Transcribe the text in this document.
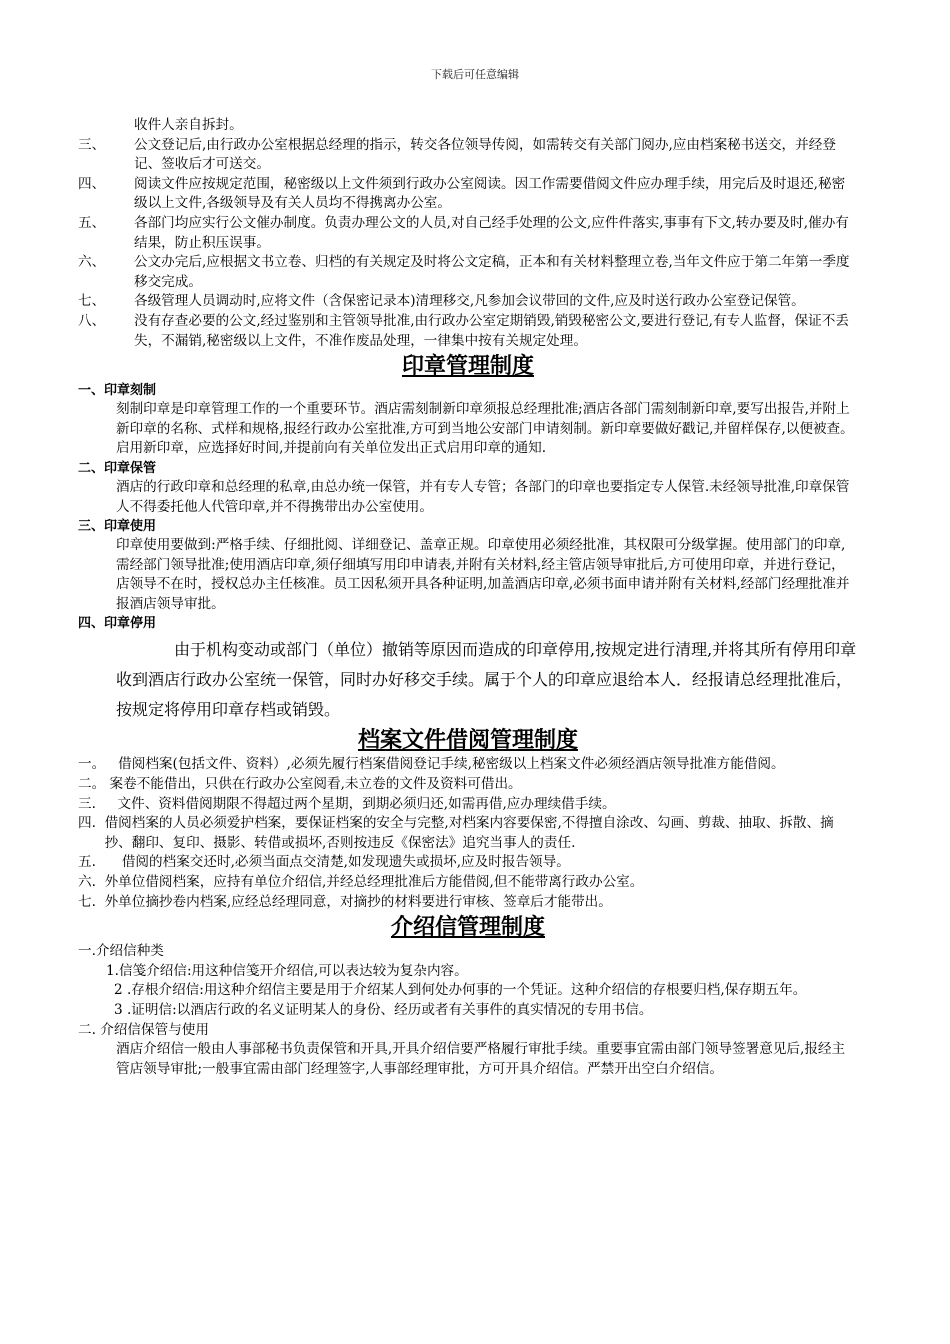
下载后可任意编辑
收件人亲自拆封。
三、	公文登记后,由行政办公室根据总经理的指示，转交各位领导传阅，如需转交有关部门阅办,应由档案秘书送交，并经登记、签收后才可送交。
四、	阅读文件应按规定范围，秘密级以上文件须到行政办公室阅读。因工作需要借阅文件应办理手续，用完后及时退还,秘密级以上文件,各级领导及有关人员均不得携离办公室。
五、	各部门均应实行公文催办制度。负责办理公文的人员,对自己经手处理的公文,应件件落实,事事有下文,转办要及时,催办有结果，防止积压误事。
六、	公文办完后,应根据文书立卷、归档的有关规定及时将公文定稿，正本和有关材料整理立卷,当年文件应于第二年第一季度移交完成。
七、	各级管理人员调动时,应将文件（含保密记录本)清理移交,凡参加会议带回的文件,应及时送行政办公室登记保管。
八、	没有存查必要的公文,经过鉴别和主管领导批准,由行政办公室定期销毁,销毁秘密公文,要进行登记,有专人监督，保证不丢失，不漏销,秘密级以上文件，不准作废品处理，一律集中按有关规定处理。
印章管理制度
一、印章刻制
刻制印章是印章管理工作的一个重要环节。酒店需刻制新印章须报总经理批准;酒店各部门需刻制新印章,要写出报告,并附上新印章的名称、式样和规格,报经行政办公室批准,方可到当地公安部门申请刻制。新印章要做好戳记,并留样保存,以便被查。启用新印章，应选择好时间,并提前向有关单位发出正式启用印章的通知.
二、印章保管
酒店的行政印章和总经理的私章,由总办统一保管，并有专人专管；各部门的印章也要指定专人保管.未经领导批准,印章保管人不得委托他人代管印章,并不得携带出办公室使用。
三、印章使用
印章使用要做到:严格手续、仔细批阅、详细登记、盖章正规。印章使用必须经批准，其权限可分级掌握。使用部门的印章,需经部门领导批准;使用酒店印章,须仔细填写用印申请表,并附有关材料,经主管店领导审批后,方可使用印章，并进行登记，店领导不在时，授权总办主任核准。员工因私须开具各种证明,加盖酒店印章,必须书面申请并附有关材料,经部门经理批准并报酒店领导审批。
四、印章停用
由于机构变动或部门（单位）撤销等原因而造成的印章停用,按规定进行清理,并将其所有停用印章收到酒店行政办公室统一保管，同时办好移交手续。属于个人的印章应退给本人．经报请总经理批准后，按规定将停用印章存档或销毁。
档案文件借阅管理制度
一。 借阅档案(包括文件、资料）,必须先履行档案借阅登记手续,秘密级以上档案文件必须经酒店领导批准方能借阅。
二。 案卷不能借出，只供在行政办公室阅看,未立卷的文件及资料可借出。
三. 文件、资料借阅期限不得超过两个星期，到期必须归还,如需再借,应办理续借手续。
四. 借阅档案的人员必须爱护档案，要保证档案的安全与完整,对档案内容要保密,不得擅自涂改、勾画、剪裁、抽取、拆散、摘抄、翻印、复印、摄影、转借或损坏,否则按违反《保密法》追究当事人的责任.
五. 借阅的档案交还时,必须当面点交清楚,如发现遗失或损坏,应及时报告领导。
六. 外单位借阅档案，应持有单位介绍信,并经总经理批准后方能借阅,但不能带离行政办公室。
七. 外单位摘抄卷内档案,应经总经理同意，对摘抄的材料要进行审核、签章后才能带出。
介绍信管理制度
一.介绍信种类
1.信笺介绍信: 用这种信笺开介绍信,可以表达较为复杂内容。
2 .存根介绍信: 用这种介绍信主要是用于介绍某人到何处办何事的一个凭证。这种介绍信的存根要归档,保存期五年。
3 .证明信: 以酒店行政的名义证明某人的身份、经历或者有关事件的真实情况的专用书信。
二. 介绍信保管与使用
酒店介绍信一般由人事部秘书负责保管和开具,开具介绍信要严格履行审批手续。重要事宜需由部门领导签署意见后,报经主管店领导审批;一般事宜需由部门经理签字,人事部经理审批，方可开具介绍信。严禁开出空白介绍信。
